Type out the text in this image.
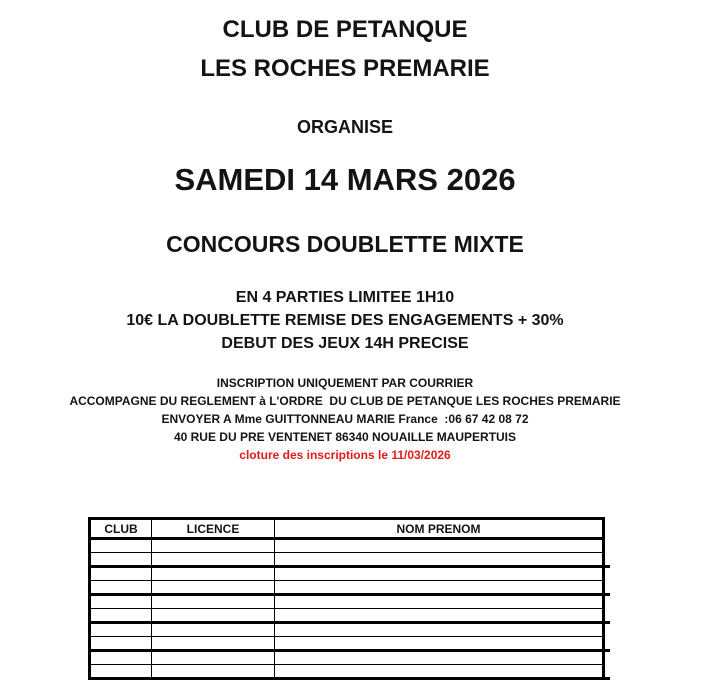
CLUB DE PETANQUE
LES ROCHES PREMARIE
ORGANISE
SAMEDI 14 MARS 2026
CONCOURS DOUBLETTE MIXTE
EN 4 PARTIES LIMITEE 1H10
10€ LA DOUBLETTE REMISE DES ENGAGEMENTS + 30%
DEBUT DES JEUX 14H PRECISE
INSCRIPTION UNIQUEMENT PAR COURRIER
ACCOMPAGNE DU REGLEMENT à L'ORDRE  DU CLUB DE PETANQUE LES ROCHES PREMARIE
ENVOYER A Mme GUITTONNEAU MARIE France  :06 67 42 08 72
40 RUE DU PRE VENTENET 86340 NOUAILLE MAUPERTUIS
cloture des inscriptions le 11/03/2026
CLUB	LICENCE	NOM PRENOM
